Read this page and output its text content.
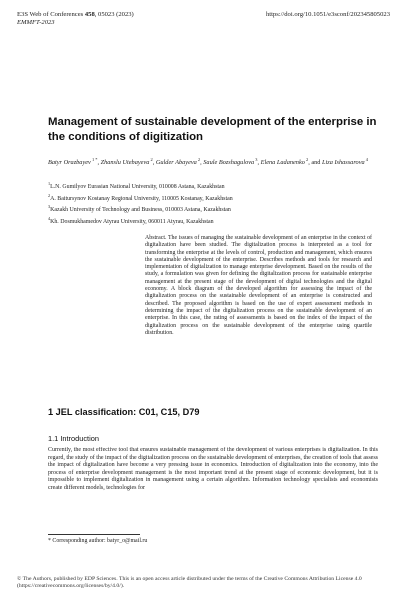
E3S Web of Conferences 458, 05023 (2023)
EMMFT-2023
https://doi.org/10.1051/e3sconf/202345805023
Management of sustainable development of the enterprise in the conditions of digitization
Batyr Orazbayev $^{1 *}$, Zhanslu Utebayeva $^2$, Gulder Abayeva $^2$, Saule Bozshagulova $^3$, Elena Ladanenko $^2$, and Liza Ishassarova $^4$
$^1$L.N. Gumilyov Eurasian National University, 010008 Astana, Kazakhstan
$^2$A. Baitursynov Kostanay Regional University, 110005 Kostanay, Kazakhstan
$^3$Kazakh University of Technology and Business, 010003 Astana, Kazakhstan
$^4$Kh. Dosmukhamedov Atyrau University, 060011 Atyrau, Kazakhstan
Abstract. The issues of managing the sustainable development of an enterprise in the context of digitalization have been studied. The digitalization process is interpreted as a tool for transforming the enterprise at the levels of control, production and management, which ensures the sustainable development of the enterprise. Describes methods and tools for research and implementation of digitalization to manage enterprise development. Based on the results of the study, a formulation was given for defining the digitalization process for sustainable enterprise management at the present stage of the development of digital technologies and the digital economy. A block diagram of the developed algorithm for assessing the impact of the digitalization process on the sustainable development of an enterprise is constructed and described. The proposed algorithm is based on the use of expert assessment methods in determining the impact of the digitalization process on the sustainable development of an enterprise. In this case, the rating of assessments is based on the index of the impact of the digitalization process on the sustainable development of the enterprise using quartile distribution.
1 JEL classification: C01, C15, D79
1.1 Introduction
Currently, the most effective tool that ensures sustainable management of the development of various enterprises is digitalization. In this regard, the study of the impact of the digitalization process on the sustainable development of enterprises, the creation of tools that assess the impact of digitalization have become a very pressing issue in economics. Introduction of digitalization into the economy, into the process of enterprise development management is the most important trend at the present stage of economic development, but it is impossible to implement digitalization in management using a certain algorithm. Information technology specialists and economists create different models, technologies for
* Corresponding author: batyr_o@mail.ru
© The Authors, published by EDP Sciences. This is an open access article distributed under the terms of the Creative Commons Attribution License 4.0 (https://creativecommons.org/licenses/by/4.0/).
